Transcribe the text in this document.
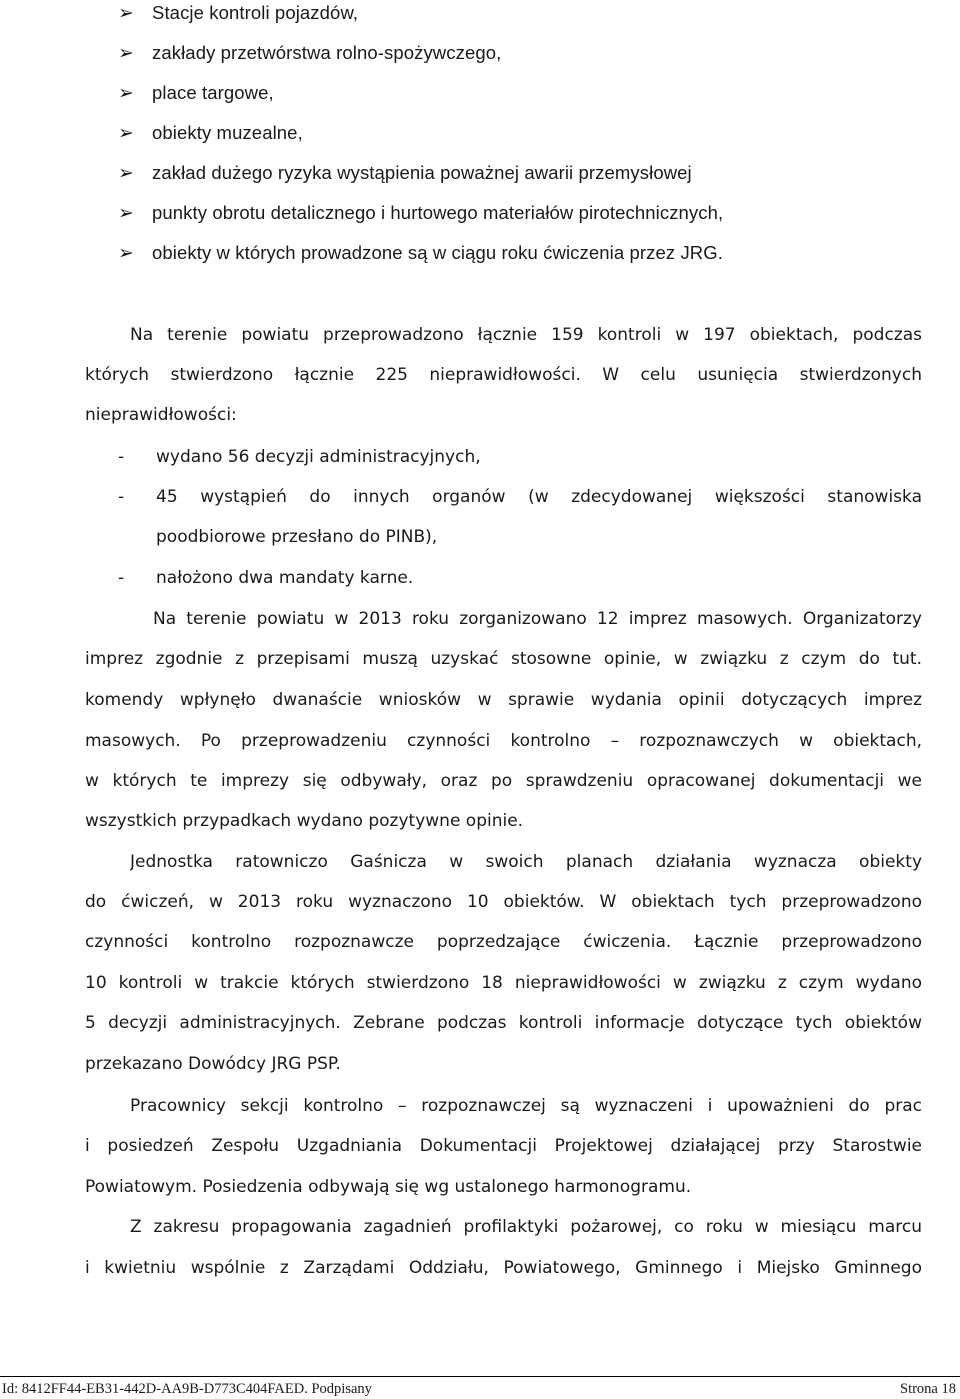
➢ Stacje kontroli pojazdów,
➢ zakłady przetwórstwa rolno-spożywczego,
➢ place targowe,
➢ obiekty muzealne,
➢ zakład dużego ryzyka wystąpienia poważnej awarii przemysłowej
➢ punkty obrotu detalicznego i hurtowego materiałów pirotechnicznych,
➢ obiekty w których prowadzone są w ciągu roku ćwiczenia przez JRG.
Na terenie powiatu przeprowadzono łącznie 159 kontroli w 197 obiektach, podczas
których stwierdzono łącznie 225 nieprawidłowości. W celu usunięcia stwierdzonych
nieprawidłowości:
- wydano 56 decyzji administracyjnych,
- 45 wystąpień do innych organów (w zdecydowanej większości stanowiska
poodbiorowe przesłano do PINB),
- nałożono dwa mandaty karne.
Na terenie powiatu w 2013 roku zorganizowano 12 imprez masowych. Organizatorzy
imprez zgodnie z przepisami muszą uzyskać stosowne opinie, w związku z czym do tut.
komendy wpłynęło dwanaście wniosków w sprawie wydania opinii dotyczących imprez
masowych. Po przeprowadzeniu czynności kontrolno – rozpoznawczych w obiektach,
w których te imprezy się odbywały, oraz po sprawdzeniu opracowanej dokumentacji we
wszystkich przypadkach wydano pozytywne opinie.
Jednostka ratowniczo Gaśnicza w swoich planach działania wyznacza obiekty
do ćwiczeń, w 2013 roku wyznaczono 10 obiektów. W obiektach tych przeprowadzono
czynności kontrolno rozpoznawcze poprzedzające ćwiczenia. Łącznie przeprowadzono
10 kontroli w trakcie których stwierdzono 18 nieprawidłowości w związku z czym wydano
5 decyzji administracyjnych. Zebrane podczas kontroli informacje dotyczące tych obiektów
przekazano Dowódcy JRG PSP.
Pracownicy sekcji kontrolno – rozpoznawczej są wyznaczeni i upoważnieni do prac
i posiedzeń Zespołu Uzgadniania Dokumentacji Projektowej działającej przy Starostwie
Powiatowym. Posiedzenia odbywają się wg ustalonego harmonogramu.
Z zakresu propagowania zagadnień profilaktyki pożarowej, co roku w miesiącu marcu
i kwietniu wspólnie z Zarządami Oddziału, Powiatowego, Gminnego i Miejsko Gminnego
Id: 8412FF44-EB31-442D-AA9B-D773C404FAED. Podpisany	Strona 18
